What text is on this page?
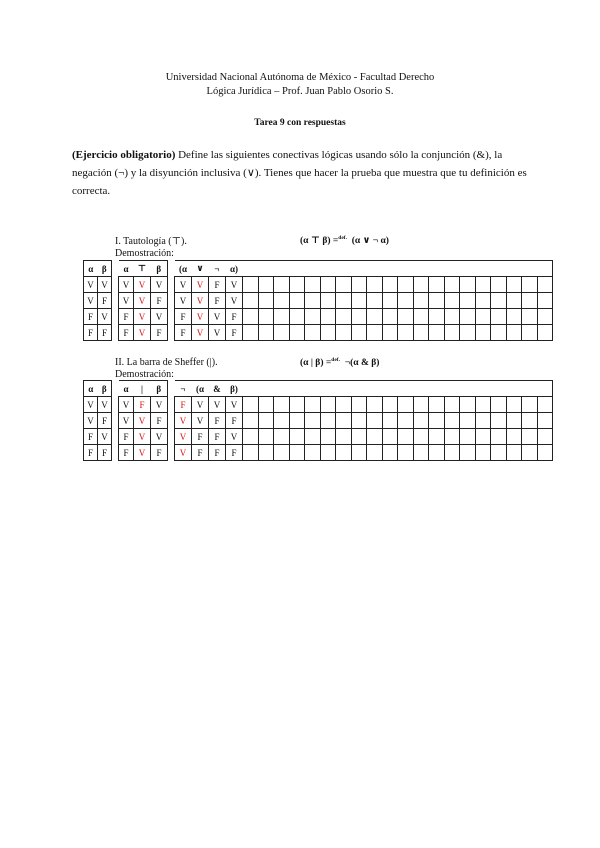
Universidad Nacional Autónoma de México - Facultad Derecho
Lógica Jurídica – Prof. Juan Pablo Osorio S.
Tarea 9 con respuestas
(Ejercicio obligatorio) Define las siguientes conectivas lógicas usando sólo la conjunción (&), la negación (¬) y la disyunción inclusiva (∨). Tienes que hacer la prueba que muestra que tu definición es correcta.
I. Tautología (⊤).
Demostración:
(α ⊤ β) =$^{def.}$ (α ∨ ¬ α)
α	β		α	⊤	β		(α	∨	¬	α)																				
V	V		V	V	V		V	V	F	V																				
V	F		V	V	F		V	V	F	V																				
F	V		F	V	V		F	V	V	F																				
F	F		F	V	F		F	V	V	F																				
II. La barra de Sheffer (|).
Demostración:
(α | β) =$^{def.}$ ¬(α & β)
α	β		α	|	β		¬	(α	&	β)																				
V	V		V	F	V		F	V	V	V																				
V	F		V	V	F		V	V	F	F																				
F	V		F	V	V		V	F	F	V																				
F	F		F	V	F		V	F	F	F																				
